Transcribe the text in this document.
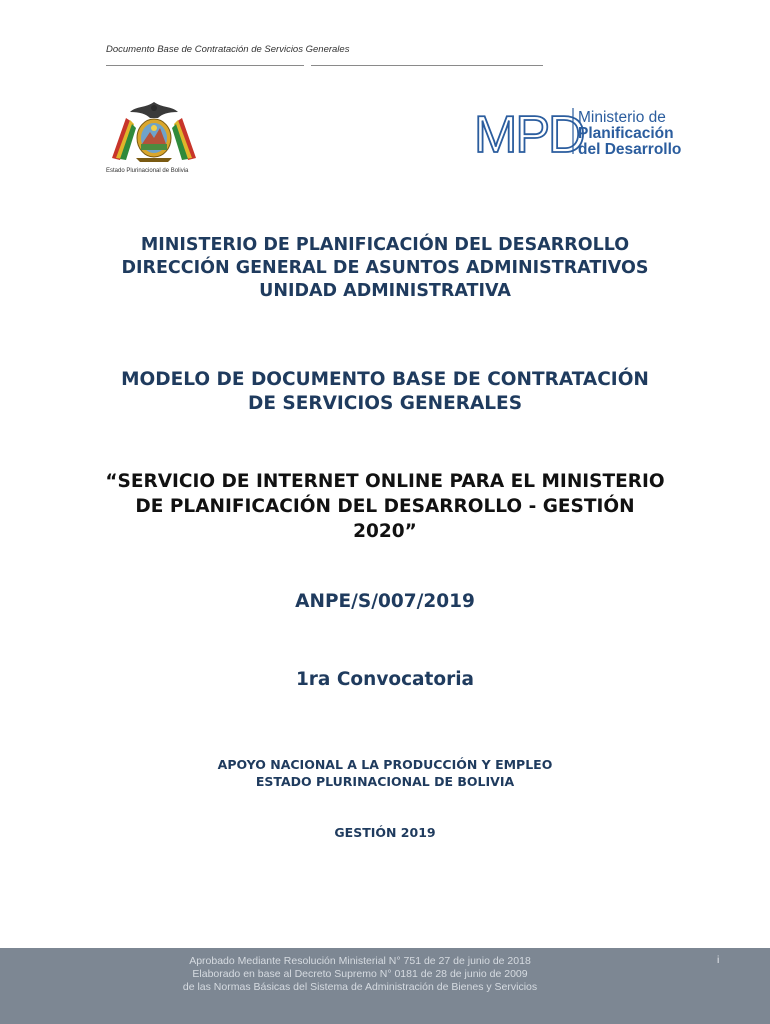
Documento Base de Contratación de Servicios Generales
Estado Plurinacional de Bolivia
MPD
Ministerio de
Planificación
del Desarrollo
MINISTERIO DE PLANIFICACIÓN DEL DESARROLLO
DIRECCIÓN GENERAL DE ASUNTOS ADMINISTRATIVOS
UNIDAD ADMINISTRATIVA
MODELO DE DOCUMENTO BASE DE CONTRATACIÓN
DE SERVICIOS GENERALES
“SERVICIO DE INTERNET ONLINE PARA EL MINISTERIO
DE PLANIFICACIÓN DEL DESARROLLO - GESTIÓN
2020”
ANPE/S/007/2019
1ra Convocatoria
APOYO NACIONAL A LA PRODUCCIÓN Y EMPLEO
ESTADO PLURINACIONAL DE BOLIVIA
GESTIÓN 2019
Aprobado Mediante Resolución Ministerial N° 751 de 27 de junio de 2018
Elaborado en base al Decreto Supremo N° 0181 de 28 de junio de 2009
de las Normas Básicas del Sistema de Administración de Bienes y Servicios
i
